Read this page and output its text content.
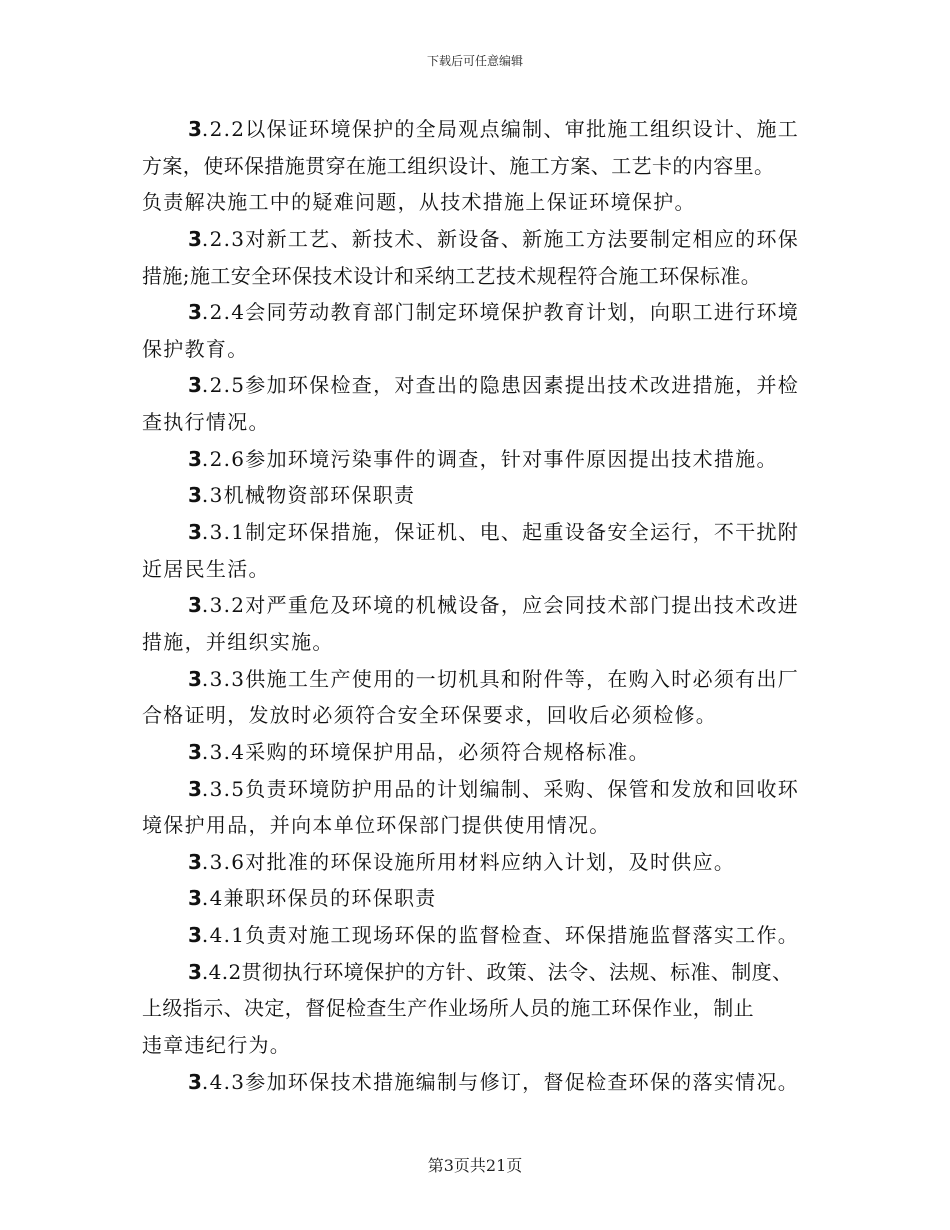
下载后可任意编辑
3.2.2以保证环境保护的全局观点编制、审批施工组织设计、施工
方案，使环保措施贯穿在施工组织设计、施工方案、工艺卡的内容里。
负责解决施工中的疑难问题，从技术措施上保证环境保护。
3.2.3对新工艺、新技术、新设备、新施工方法要制定相应的环保
措施;施工安全环保技术设计和采纳工艺技术规程符合施工环保标准。
3.2.4会同劳动教育部门制定环境保护教育计划，向职工进行环境
保护教育。
3.2.5参加环保检查，对查出的隐患因素提出技术改进措施，并检
查执行情况。
3.2.6参加环境污染事件的调查，针对事件原因提出技术措施。
3.3机械物资部环保职责
3.3.1制定环保措施，保证机、电、起重设备安全运行，不干扰附
近居民生活。
3.3.2对严重危及环境的机械设备，应会同技术部门提出技术改进
措施，并组织实施。
3.3.3供施工生产使用的一切机具和附件等，在购入时必须有出厂
合格证明，发放时必须符合安全环保要求，回收后必须检修。
3.3.4采购的环境保护用品，必须符合规格标准。
3.3.5负责环境防护用品的计划编制、采购、保管和发放和回收环
境保护用品，并向本单位环保部门提供使用情况。
3.3.6对批准的环保设施所用材料应纳入计划，及时供应。
3.4兼职环保员的环保职责
3.4.1负责对施工现场环保的监督检查、环保措施监督落实工作。
3.4.2贯彻执行环境保护的方针、政策、法令、法规、标准、制度、
上级指示、决定，督促检查生产作业场所人员的施工环保作业，制止
违章违纪行为。
3.4.3参加环保技术措施编制与修订，督促检查环保的落实情况。
第3页共21页
